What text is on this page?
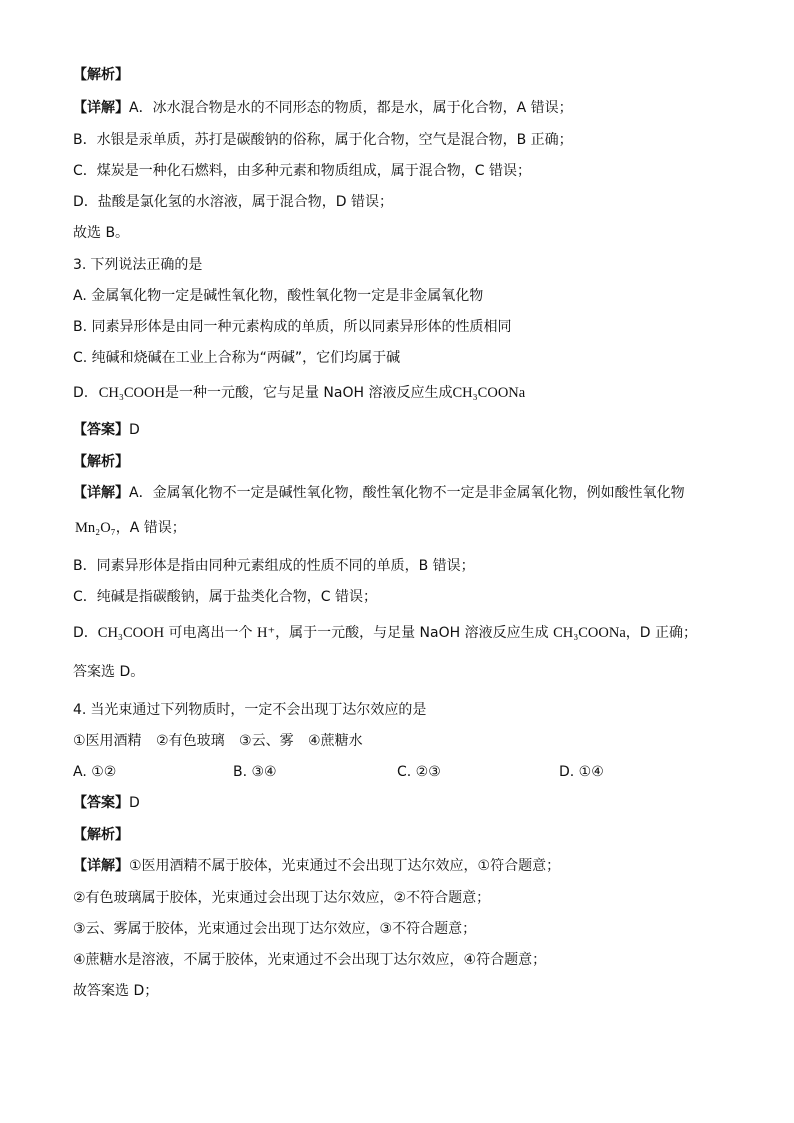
【解析】
【详解】A．冰水混合物是水的不同形态的物质，都是水，属于化合物，A 错误；
B．水银是汞单质，苏打是碳酸钠的俗称，属于化合物，空气是混合物，B 正确；
C．煤炭是一种化石燃料，由多种元素和物质组成，属于混合物，C 错误；
D．盐酸是氯化氢的水溶液，属于混合物，D 错误；
故选 B。
3. 下列说法正确的是
A. 金属氧化物一定是碱性氧化物，酸性氧化物一定是非金属氧化物
B. 同素异形体是由同一种元素构成的单质，所以同素异形体的性质相同
C. 纯碱和烧碱在工业上合称为“两碱”，它们均属于碱
D. CH₃COOH是一种一元酸，它与足量 NaOH 溶液反应生成CH₃COONa
【答案】D
【解析】
【详解】A．金属氧化物不一定是碱性氧化物，酸性氧化物不一定是非金属氧化物，例如酸性氧化物
Mn₂O₇，A 错误；
B．同素异形体是指由同种元素组成的性质不同的单质，B 错误；
C．纯碱是指碳酸钠，属于盐类化合物，C 错误；
D．CH₃COOH 可电离出一个 H⁺，属于一元酸，与足量 NaOH 溶液反应生成 CH₃COONa，D 正确；
答案选 D。
4. 当光束通过下列物质时，一定不会出现丁达尔效应的是
①医用酒精 ②有色玻璃 ③云、雾 ④蔗糖水
A. ①②	B. ③④	C. ②③	D. ①④
【答案】D
【解析】
【详解】①医用酒精不属于胶体，光束通过不会出现丁达尔效应，①符合题意；
②有色玻璃属于胶体，光束通过会出现丁达尔效应，②不符合题意；
③云、雾属于胶体，光束通过会出现丁达尔效应，③不符合题意；
④蔗糖水是溶液，不属于胶体，光束通过不会出现丁达尔效应，④符合题意；
故答案选 D；
